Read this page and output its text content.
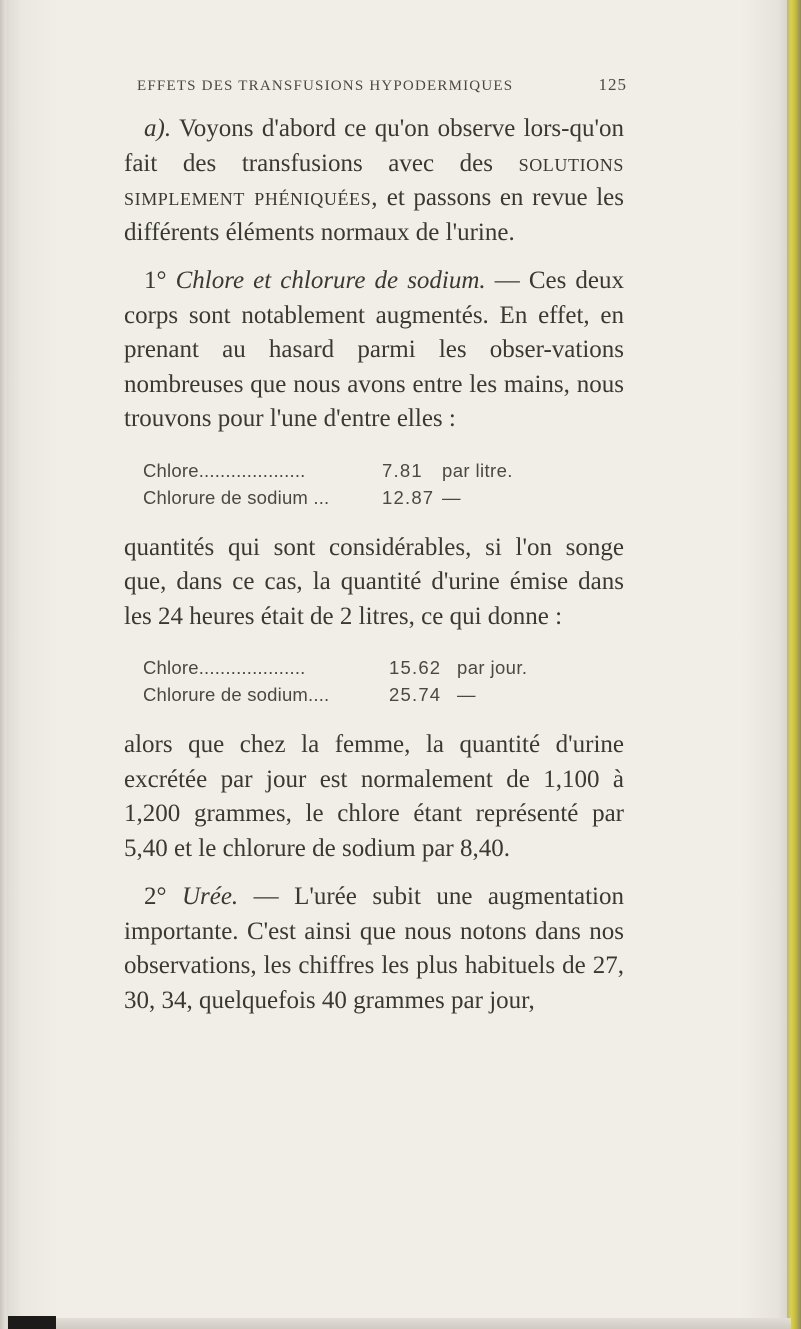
EFFETS DES TRANSFUSIONS HYPODERMIQUES	125

a). Voyons d'abord ce qu'on observe lors-qu'on fait des transfusions avec des solutions simplement phéniquées, et passons en revue les différents éléments normaux de l'urine.

1° Chlore et chlorure de sodium. — Ces deux corps sont notablement augmentés. En effet, en prenant au hasard parmi les obser-vations nombreuses que nous avons entre les mains, nous trouvons pour l'une d'entre elles :

Chlore....................	7.81 par litre.
Chlorure de sodium ...	12.87 —

quantités qui sont considérables, si l'on songe que, dans ce cas, la quantité d'urine émise dans les 24 heures était de 2 litres, ce qui donne :

Chlore....................	15.62 par jour.
Chlorure de sodium....	25.74 —

alors que chez la femme, la quantité d'urine excrétée par jour est normalement de 1,100 à 1,200 grammes, le chlore étant représenté par 5,40 et le chlorure de sodium par 8,40.

2° Urée. — L'urée subit une augmentation importante. C'est ainsi que nous notons dans nos observations, les chiffres les plus habituels de 27, 30, 34, quelquefois 40 grammes par jour,
